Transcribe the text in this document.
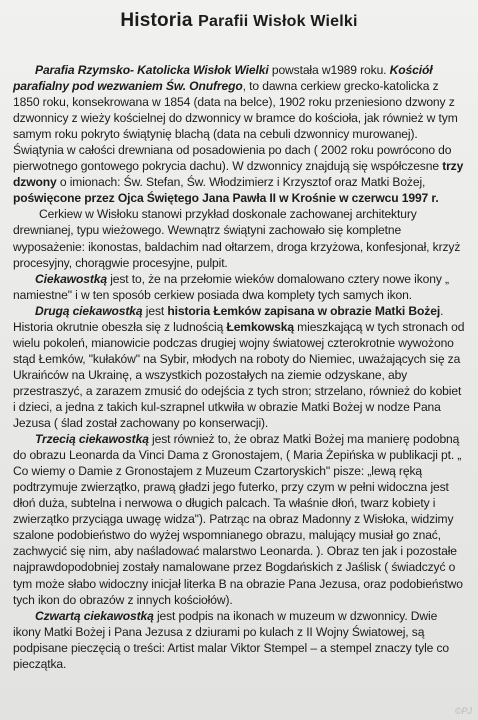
Historia Parafii Wisłok Wielki

Parafia Rzymsko- Katolicka Wisłok Wielki powstała w1989 roku. Kościół parafialny pod wezwaniem Św. Onufrego, to dawna cerkiew grecko-katolicka z 1850 roku, konsekrowana w 1854 (data na belce), 1902 roku przeniesiono dzwony z dzwonnicy z wieży kościelnej do dzwonnicy w bramce do kościoła, jak również w tym samym roku pokryto świątynię blachą (data na cebuli dzwonnicy murowanej). Świątynia w całości drewniana od posadowienia po dach ( 2002 roku powrócono do pierwotnego gontowego pokrycia dachu). W dzwonnicy znajdują się współczesne trzy dzwony o imionach: Św. Stefan, Św. Włodzimierz i Krzysztof oraz Matki Bożej, poświęcone przez Ojca Świętego Jana Pawła II w Krośnie w czerwcu 1997 r.

Cerkiew w Wisłoku stanowi przykład doskonale zachowanej architektury drewnianej, typu wieżowego. Wewnątrz świątyni zachowało się kompletne wyposażenie: ikonostas, baldachim nad ołtarzem, droga krzyżowa, konfesjonał, krzyż procesyjny, chorągwie procesyjne, pulpit.

Ciekawostką jest to, że na przełomie wieków domalowano cztery nowe ikony „ namiestne" i w ten sposób cerkiew posiada dwa komplety tych samych ikon.

Drugą ciekawostką jest historia Łemków zapisana w obrazie Matki Bożej. Historia okrutnie obeszła się z ludnością Łemkowską mieszkającą w tych stronach od wielu pokoleń, mianowicie podczas drugiej wojny światowej czterokrotnie wywożono stąd Łemków, "kułaków" na Sybir, młodych na roboty do Niemiec, uważających się za Ukraińców na Ukrainę, a wszystkich pozostałych na ziemie odzyskane, aby przestraszyć, a zarazem zmusić do odejścia z tych stron; strzelano, również do kobiet i dzieci, a jedna z takich kul-szrapnel utkwiła w obrazie Matki Bożej w nodze Pana Jezusa ( ślad został zachowany po konserwacji).

Trzecią ciekawostką jest również to, że obraz Matki Bożej ma manierę podobną do obrazu Leonarda da Vinci Dama z Gronostajem, ( Maria Żepińska w publikacji pt. „ Co wiemy o Damie z Gronostajem z Muzeum Czartoryskich" pisze: „lewą ręką podtrzymuje zwierzątko, prawą gładzi jego futerko, przy czym w pełni widoczna jest dłoń duża, subtelna i nerwowa o długich palcach. Ta właśnie dłoń, twarz kobiety i zwierzątko przyciąga uwagę widza"). Patrząc na obraz Madonny z Wisłoka, widzimy szalone podobieństwo do wyżej wspomnianego obrazu, malujący musiał go znać, zachwycić się nim, aby naśladować malarstwo Leonarda. ). Obraz ten jak i pozostałe najprawdopodobniej zostały namalowane przez Bogdańskich z Jaślisk ( świadczyć o tym może słabo widoczny inicjał literka B na obrazie Pana Jezusa, oraz podobieństwo tych ikon do obrazów z innych kościołów).

Czwartą ciekawostką jest podpis na ikonach w muzeum w dzwonnicy. Dwie ikony Matki Bożej i Pana Jezusa z dziurami po kulach z II Wojny Światowej, są podpisane pieczęcią o treści: Artist malar Viktor Stempel – a stempel znaczy tyle co pieczątka.

©PJ
